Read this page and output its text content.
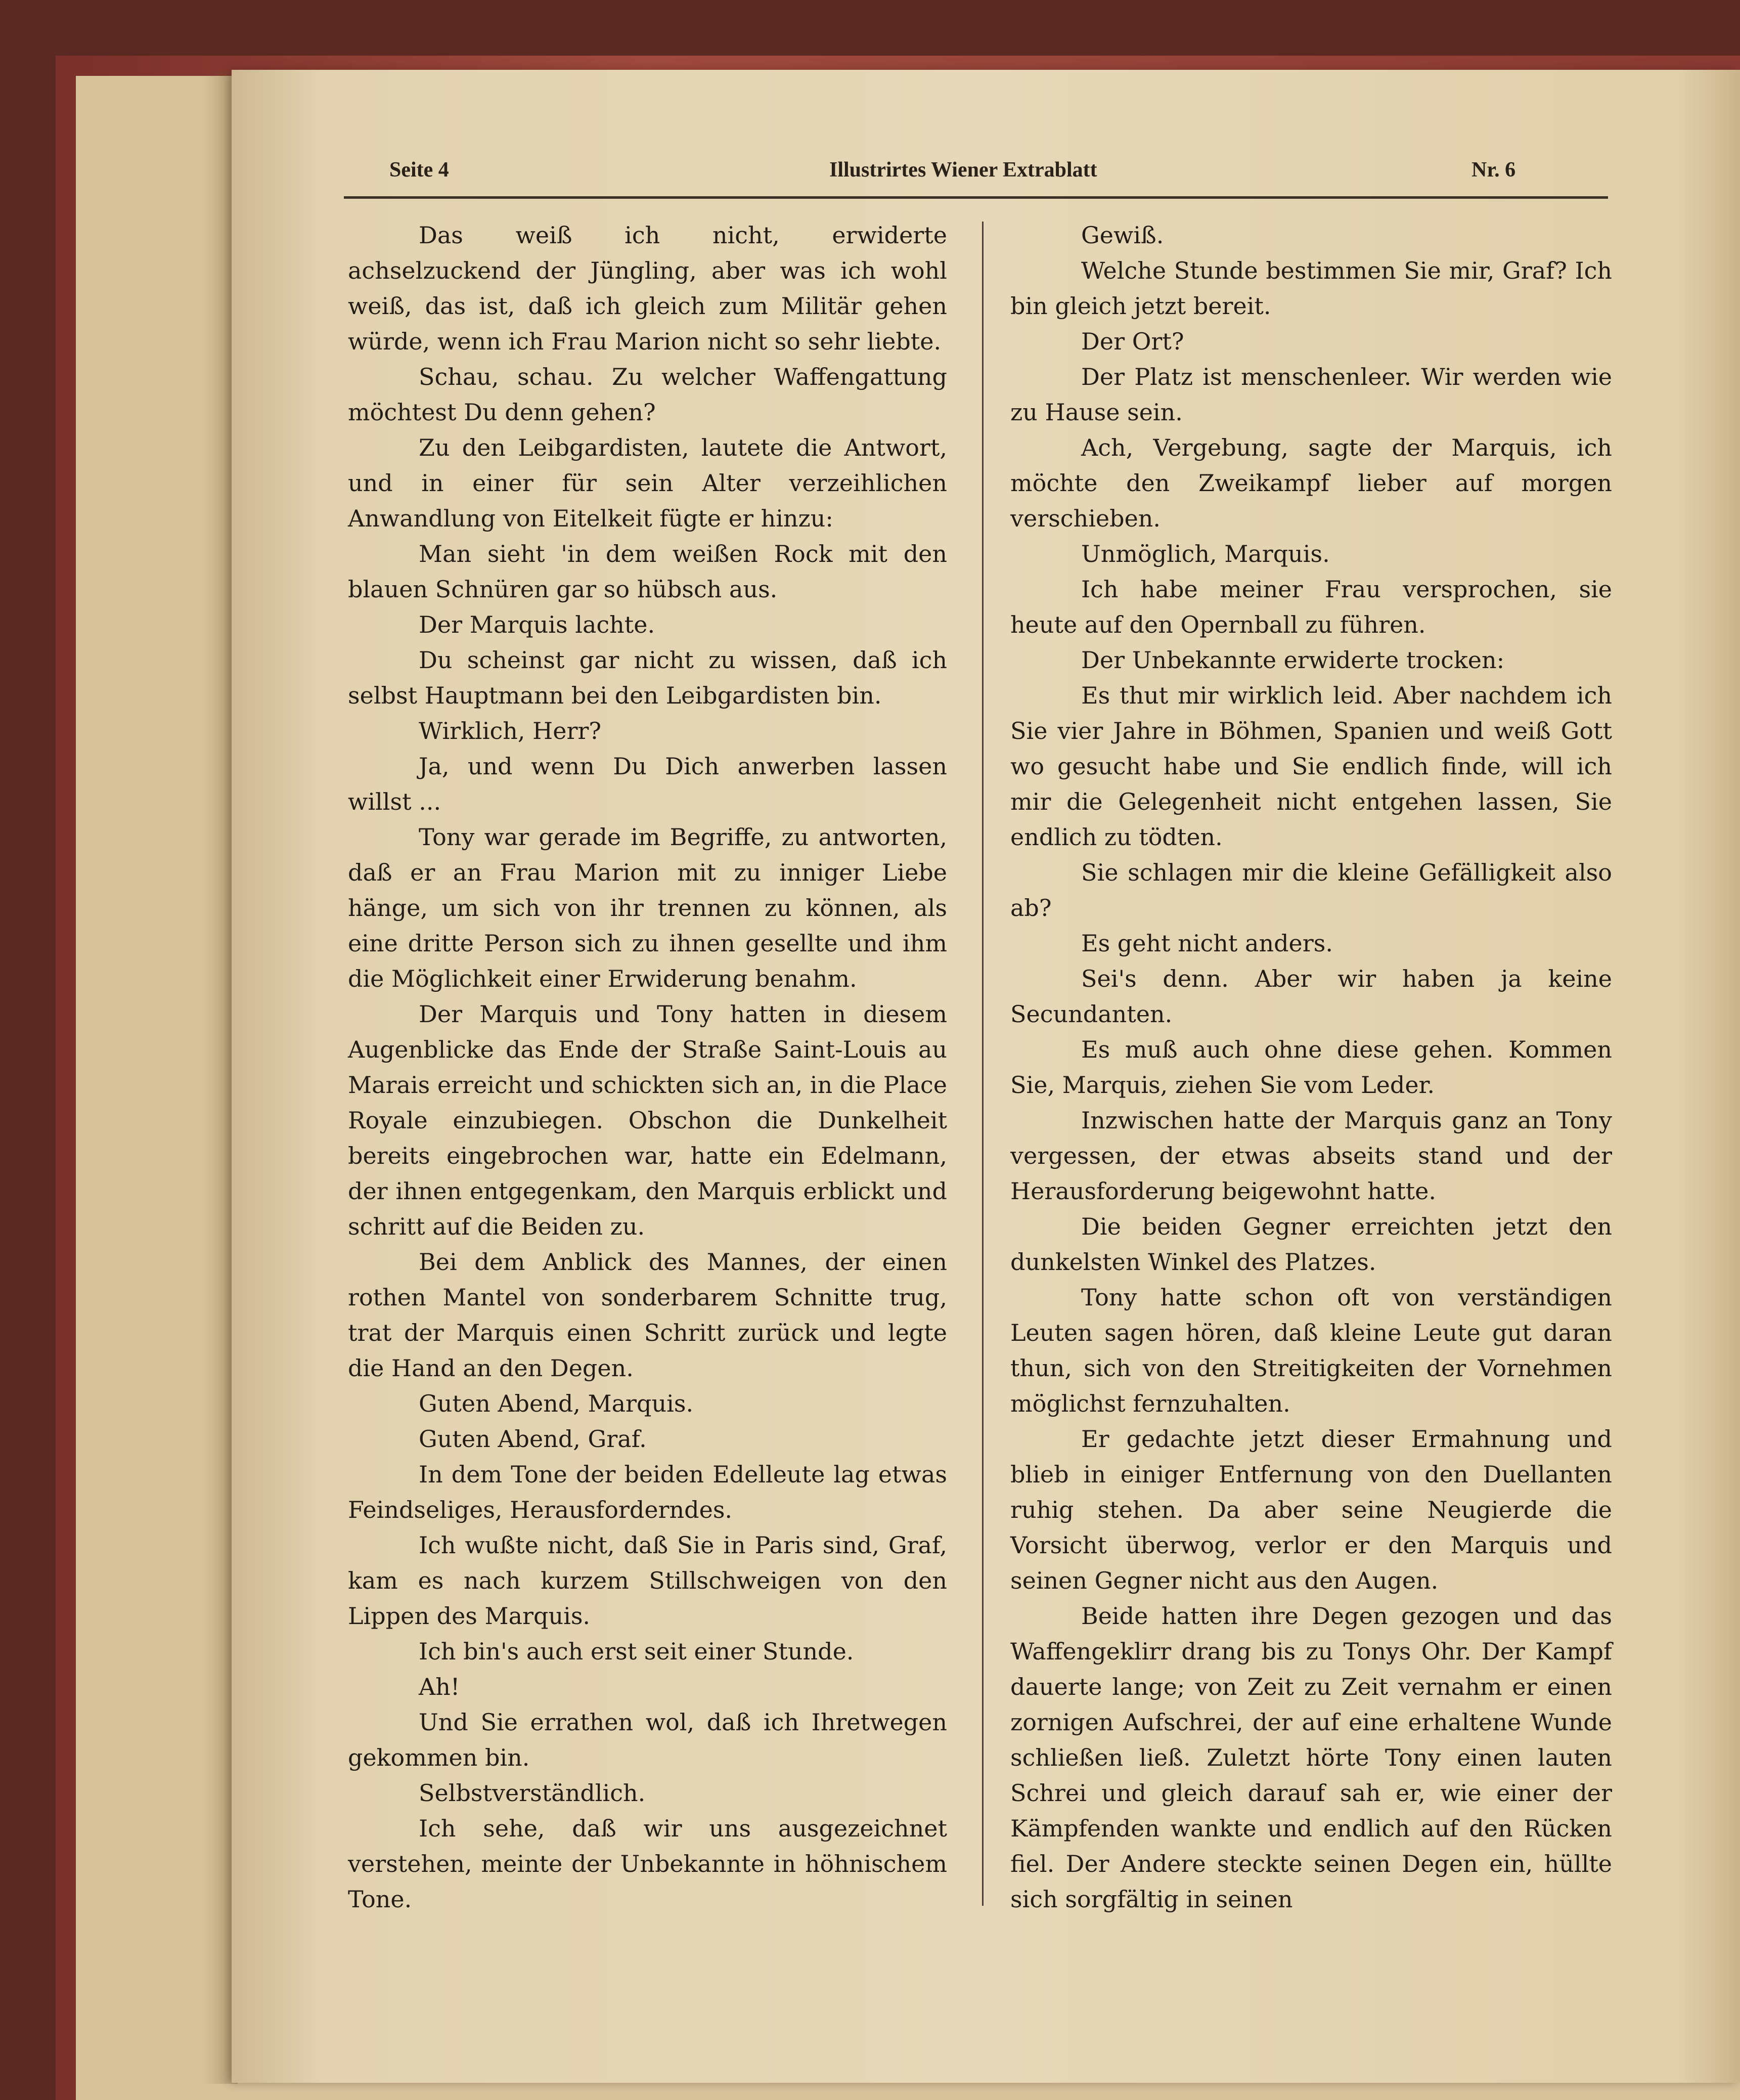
Seite 4	Illustrirtes Wiener Extrablatt	Nr. 6

Das weiß ich nicht, erwiderte achselzuckend der Jüngling, aber was ich wohl weiß, das ist, daß ich gleich zum Militär gehen würde, wenn ich Frau Marion nicht so sehr liebte.

Schau, schau. Zu welcher Waffengattung möchtest Du denn gehen?

Zu den Leibgardisten, lautete die Antwort, und in einer für sein Alter verzeihlichen Anwandlung von Eitelkeit fügte er hinzu:

Man sieht 'in dem weißen Rock mit den blauen Schnüren gar so hübsch aus.

Der Marquis lachte.

Du scheinst gar nicht zu wissen, daß ich selbst Hauptmann bei den Leibgardisten bin.

Wirklich, Herr?

Ja, und wenn Du Dich anwerben lassen willst ...

Tony war gerade im Begriffe, zu antworten, daß er an Frau Marion mit zu inniger Liebe hänge, um sich von ihr trennen zu können, als eine dritte Person sich zu ihnen gesellte und ihm die Möglichkeit einer Erwiderung benahm.

Der Marquis und Tony hatten in diesem Augenblicke das Ende der Straße Saint-Louis au Marais erreicht und schickten sich an, in die Place Royale einzubiegen. Obschon die Dunkelheit bereits eingebrochen war, hatte ein Edelmann, der ihnen entgegenkam, den Marquis erblickt und schritt auf die Beiden zu.

Bei dem Anblick des Mannes, der einen rothen Mantel von sonderbarem Schnitte trug, trat der Marquis einen Schritt zurück und legte die Hand an den Degen.

Guten Abend, Marquis.

Guten Abend, Graf.

In dem Tone der beiden Edelleute lag etwas Feindseliges, Herausforderndes.

Ich wußte nicht, daß Sie in Paris sind, Graf, kam es nach kurzem Stillschweigen von den Lippen des Marquis.

Ich bin's auch erst seit einer Stunde.

Ah!

Und Sie errathen wol, daß ich Ihretwegen gekommen bin.

Selbstverständlich.

Ich sehe, daß wir uns ausgezeichnet verstehen, meinte der Unbekannte in höhnischem Tone.

Gewiß.

Welche Stunde bestimmen Sie mir, Graf? Ich bin gleich jetzt bereit.

Der Ort?

Der Platz ist menschenleer. Wir werden wie zu Hause sein.

Ach, Vergebung, sagte der Marquis, ich möchte den Zweikampf lieber auf morgen verschieben.

Unmöglich, Marquis.

Ich habe meiner Frau versprochen, sie heute auf den Opernball zu führen.

Der Unbekannte erwiderte trocken:

Es thut mir wirklich leid. Aber nachdem ich Sie vier Jahre in Böhmen, Spanien und weiß Gott wo gesucht habe und Sie endlich finde, will ich mir die Gelegenheit nicht entgehen lassen, Sie endlich zu tödten.

Sie schlagen mir die kleine Gefälligkeit also ab?

Es geht nicht anders.

Sei's denn. Aber wir haben ja keine Secundanten.

Es muß auch ohne diese gehen. Kommen Sie, Marquis, ziehen Sie vom Leder.

Inzwischen hatte der Marquis ganz an Tony vergessen, der etwas abseits stand und der Herausforderung beigewohnt hatte.

Die beiden Gegner erreichten jetzt den dunkelsten Winkel des Platzes.

Tony hatte schon oft von verständigen Leuten sagen hören, daß kleine Leute gut daran thun, sich von den Streitigkeiten der Vornehmen möglichst fernzuhalten.

Er gedachte jetzt dieser Ermahnung und blieb in einiger Entfernung von den Duellanten ruhig stehen. Da aber seine Neugierde die Vorsicht überwog, verlor er den Marquis und seinen Gegner nicht aus den Augen.

Beide hatten ihre Degen gezogen und das Waffengeklirr drang bis zu Tonys Ohr. Der Kampf dauerte lange; von Zeit zu Zeit vernahm er einen zornigen Aufschrei, der auf eine erhaltene Wunde schließen ließ. Zuletzt hörte Tony einen lauten Schrei und gleich darauf sah er, wie einer der Kämpfenden wankte und endlich auf den Rücken fiel. Der Andere steckte seinen Degen ein, hüllte sich sorgfältig in seinen
